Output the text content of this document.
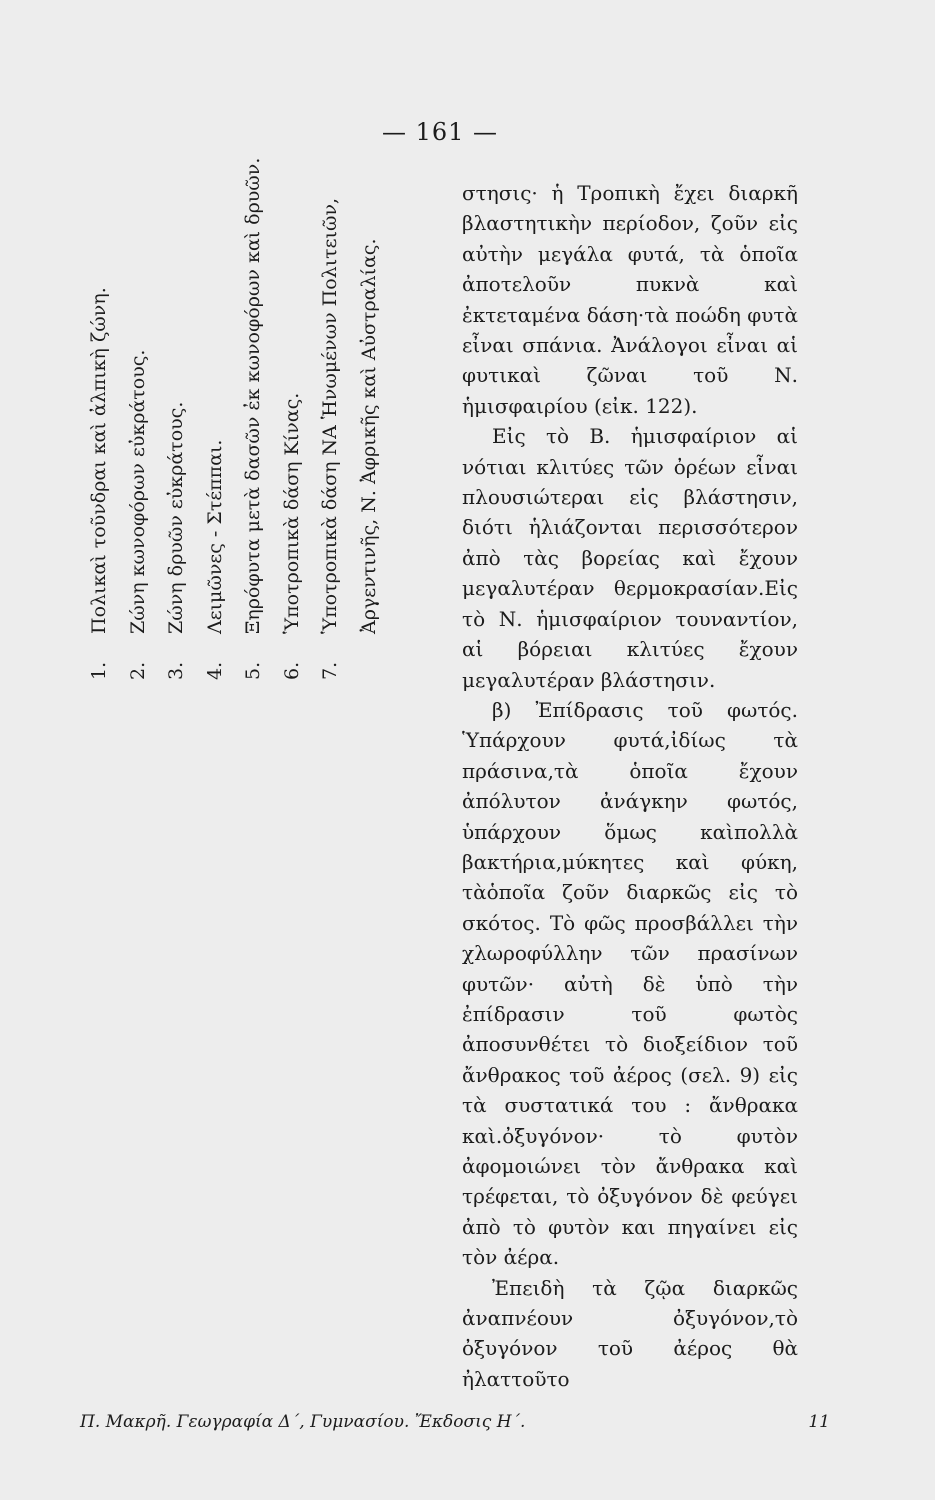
— 161 —
1.Πολικαὶ τοῦνδραι καὶ ἀλπικὴ ζώνη.
2.Ζώνη κωνοφόρων εὐκράτους.
3.Ζώνη δρυῶν εὐκράτους.
4.Λειμῶνες - Στέππαι.
5.Ξηρόφυτα μετὰ δασῶν ἐκ κωνοφόρων καὶ δρυῶν.
6.Ὑποτροπικὰ δάση Κίνας.
7.Ὑποτροπικὰ δάση ΝΑ Ἡνωμένων Πολιτειῶν, Ἀργεντινῆς, Ν. Ἀφρικῆς καὶ Αὐστραλίας.

στησις· ἡ Τροπικὴ ἔχει διαρκῆ βλαστητικὴν περίοδον, ζοῦν εἰς αὐτὴν μεγάλα φυτά, τὰ ὁποῖα ἀποτελοῦν πυκνὰ καὶ ἐκτεταμένα δάση·τὰ ποώδη φυτὰ εἶναι σπάνια. Ἀνάλογοι εἶναι αἱ φυτικαὶ ζῶναι τοῦ Ν. ἡμισφαιρίου (εἰκ. 122).

Εἰς τὸ Β. ἡμισφαίριον αἱ νότιαι κλιτύες τῶν ὀρέων εἶναι πλουσιώτεραι εἰς βλάστησιν, διότι ἡλιάζονται περισσότερον ἀπὸ τὰς βορείας καὶ ἔχουν μεγαλυτέραν θερμοκρασίαν.Εἰς τὸ Ν. ἡμισφαίριον τουναντίον, αἱ βόρειαι κλιτύες ἔχουν μεγαλυτέραν βλάστησιν.

β) Ἐπίδρασις τοῦ φωτός. Ὑπάρχουν φυτά,ἰδίως τὰ πράσινα,τὰ ὁποῖα ἔχουν ἀπόλυτον ἀνάγκην φωτός, ὑπάρχουν ὅμως καὶπολλὰ βακτήρια,μύκητες καὶ φύκη, τὰὁποῖα ζοῦν διαρκῶς εἰς τὸ σκότος. Τὸ φῶς προσβάλλει τὴν χλωροφύλλην τῶν πρασίνων φυτῶν· αὐτὴ δὲ ὑπὸ τὴν ἐπίδρασιν τοῦ φωτὸς ἀποσυνθέτει τὸ διοξείδιον τοῦ ἄνθρακος τοῦ ἀέρος (σελ. 9) εἰς τὰ συστατικά του : ἄνθρακα καὶ.ὀξυγόνον· τὸ φυτὸν ἀφομοιώνει τὸν ἄνθρακα καὶ τρέφεται, τὸ ὀξυγόνον δὲ φεύγει ἀπὸ τὸ φυτὸν και πηγαίνει εἰς τὸν ἀέρα.

Ἐπειδὴ τὰ ζῷα διαρκῶς ἀναπνέουν ὀξυγόνον,τὸ ὀξυγόνον τοῦ ἀέρος θὰ ἠλαττοῦτο

Π. Μακρῆ. Γεωγραφία Δ΄, Γυμνασίου. Ἔκδοσις Η΄.	11
